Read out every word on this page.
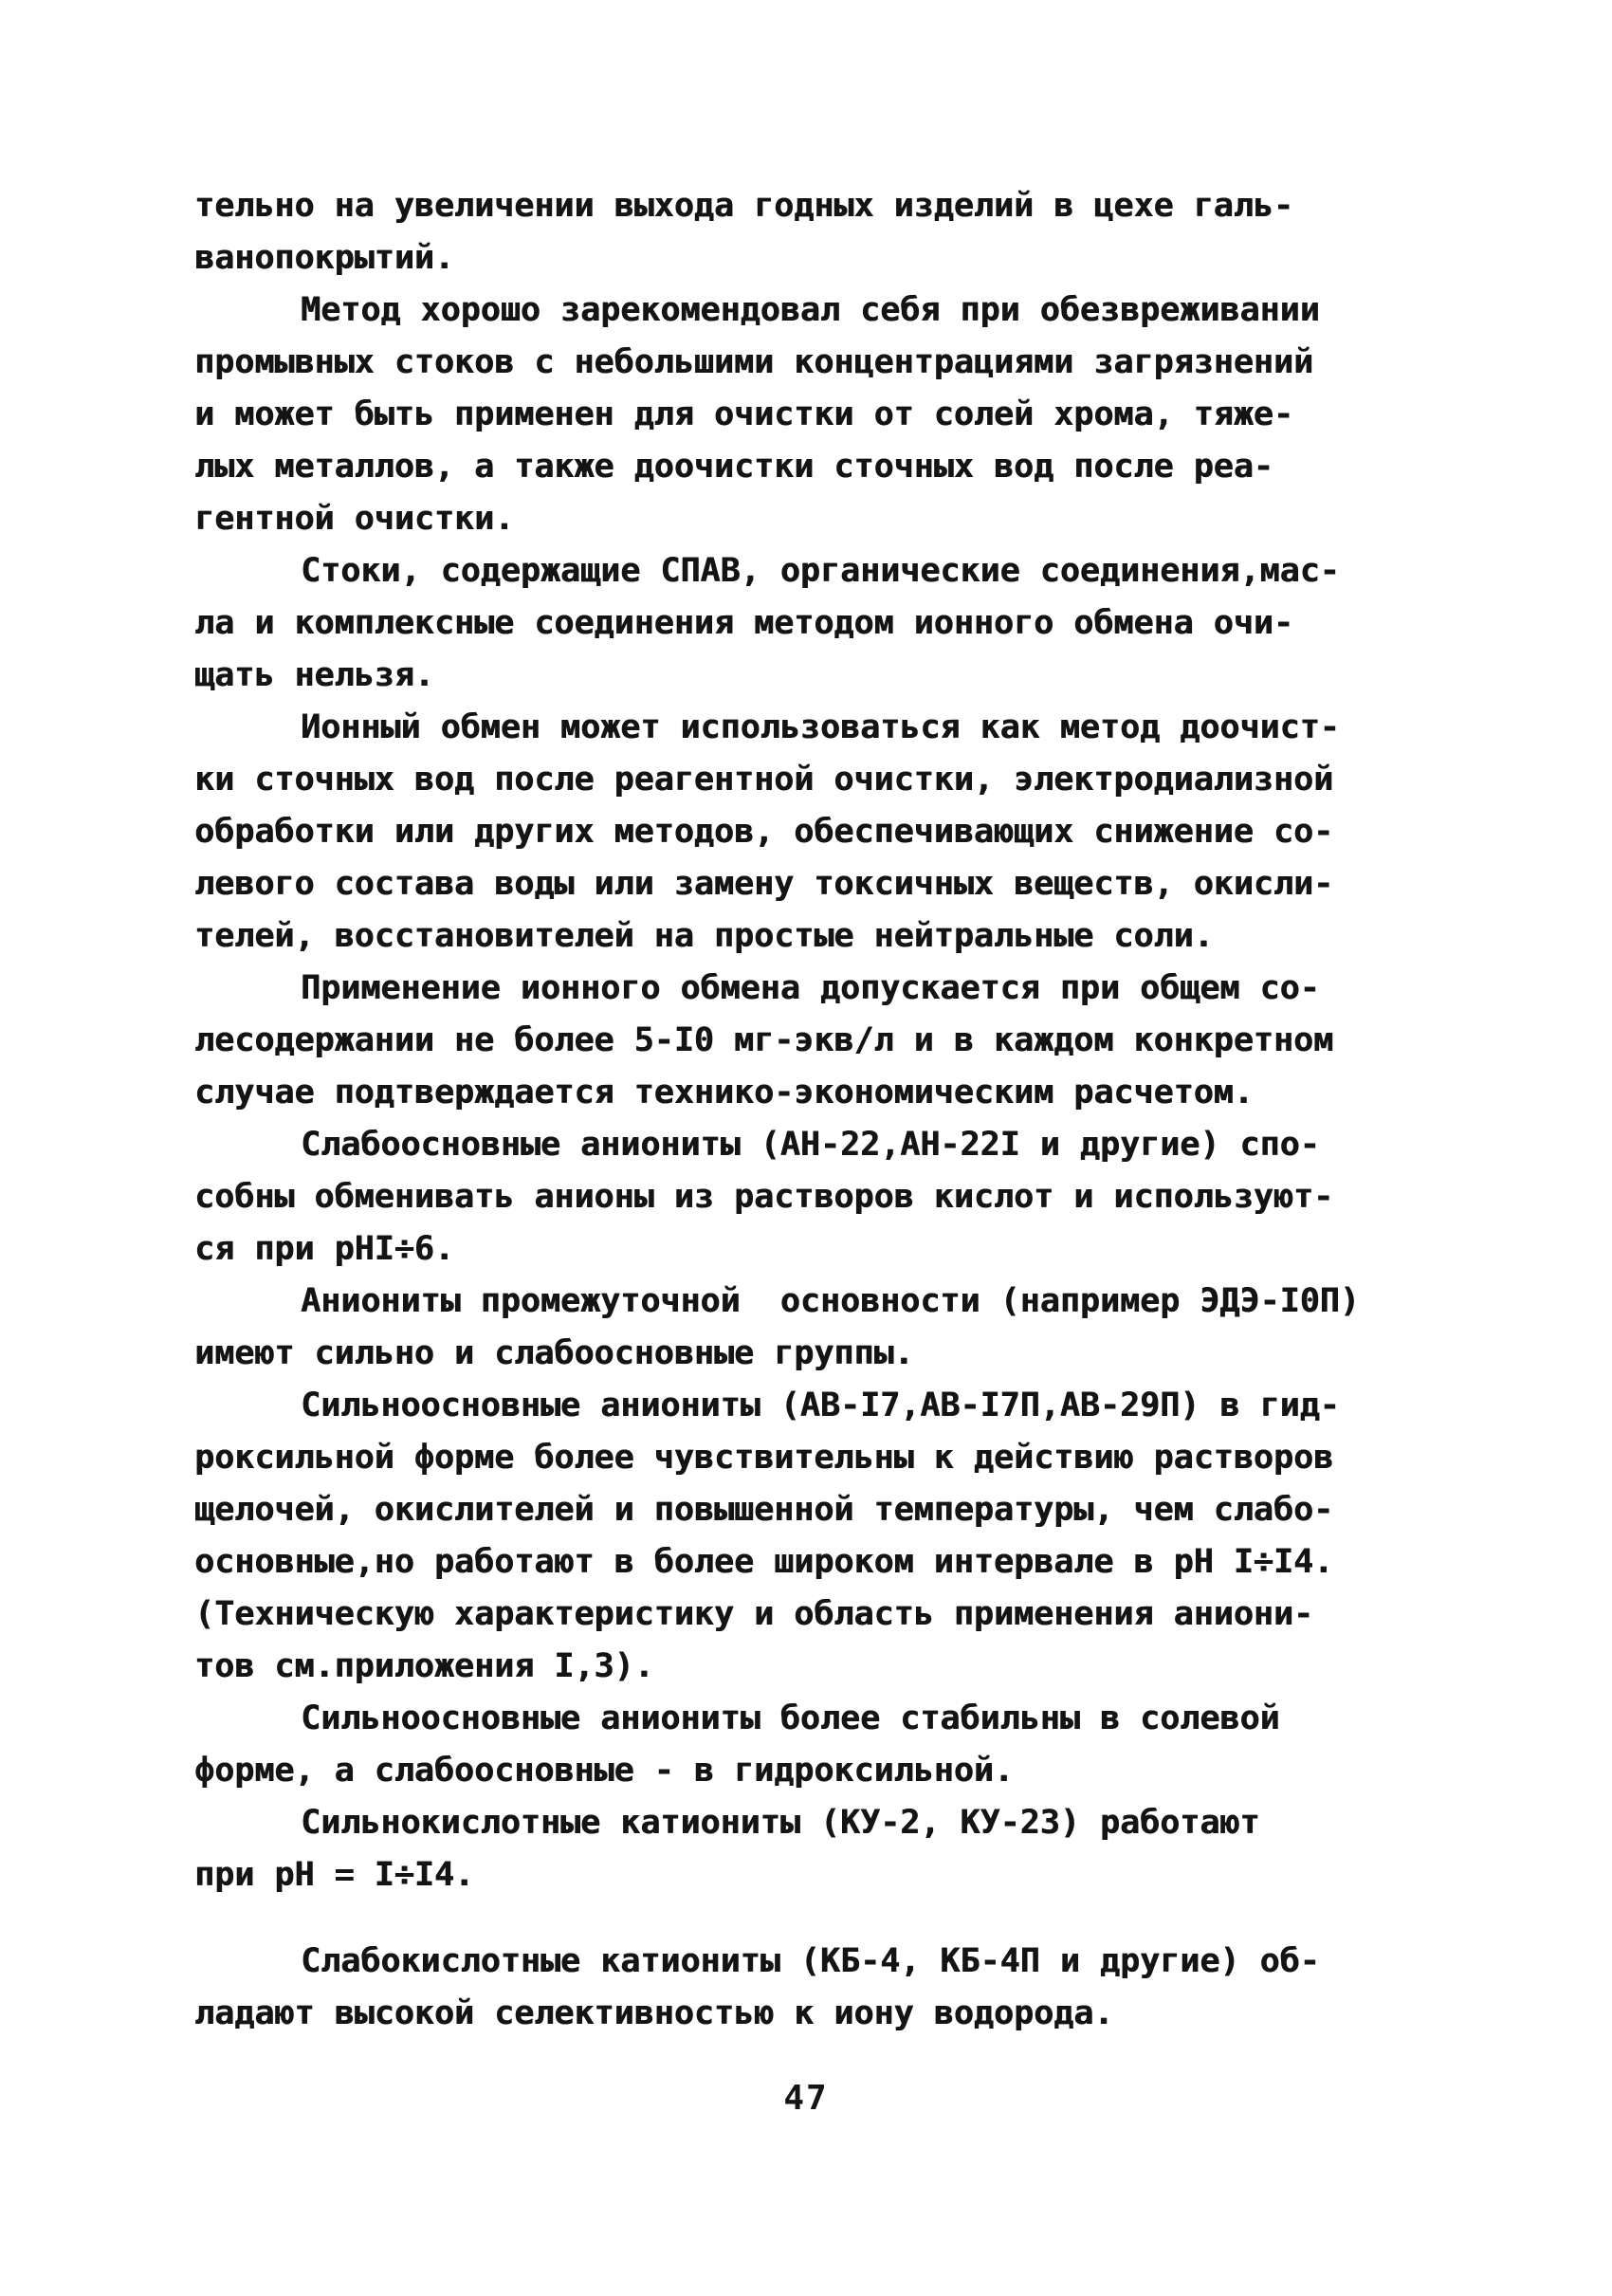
тельно на увеличении выхода годных изделий в цехе галь-
ванопокрытий.
Метод хорошо зарекомендовал себя при обезвреживании
промывных стоков с небольшими концентрациями загрязнений
и может быть применен для очистки от солей хрома, тяже-
лых металлов, а также доочистки сточных вод после реа-
гентной очистки.
Стоки, содержащие СПАВ, органические соединения,мас-
ла и комплексные соединения методом ионного обмена очи-
щать нельзя.
Ионный обмен может использоваться как метод доочист-
ки сточных вод после реагентной очистки, электродиализной
обработки или других методов, обеспечивающих снижение со-
левого состава воды или замену токсичных веществ, окисли-
телей, восстановителей на простые нейтральные соли.
Применение ионного обмена допускается при общем со-
лесодержании не более 5-I0 мг-экв/л и в каждом конкретном
случае подтверждается технико-экономическим расчетом.
Слабоосновные аниониты (АН-22,АН-22I и другие) спо-
собны обменивать анионы из растворов кислот и используют-
ся при рНI÷6.
Аниониты промежуточной  основности (например ЭДЭ-I0П)
имеют сильно и слабоосновные группы.
Сильноосновные аниониты (АВ-I7,АВ-I7П,АВ-29П) в гид-
роксильной форме более чувствительны к действию растворов
щелочей, окислителей и повышенной температуры, чем слабо-
основные,но работают в более широком интервале в рН I÷I4.
(Техническую характеристику и область применения аниони-
тов см.приложения I,3).
Сильноосновные аниониты более стабильны в солевой
форме, а слабоосновные - в гидроксильной.
Сильнокислотные катиониты (КУ-2, КУ-23) работают
при рН = I÷I4.
Слабокислотные катиониты (КБ-4, КБ-4П и другие) об-
ладают высокой селективностью к иону водорода.
47
